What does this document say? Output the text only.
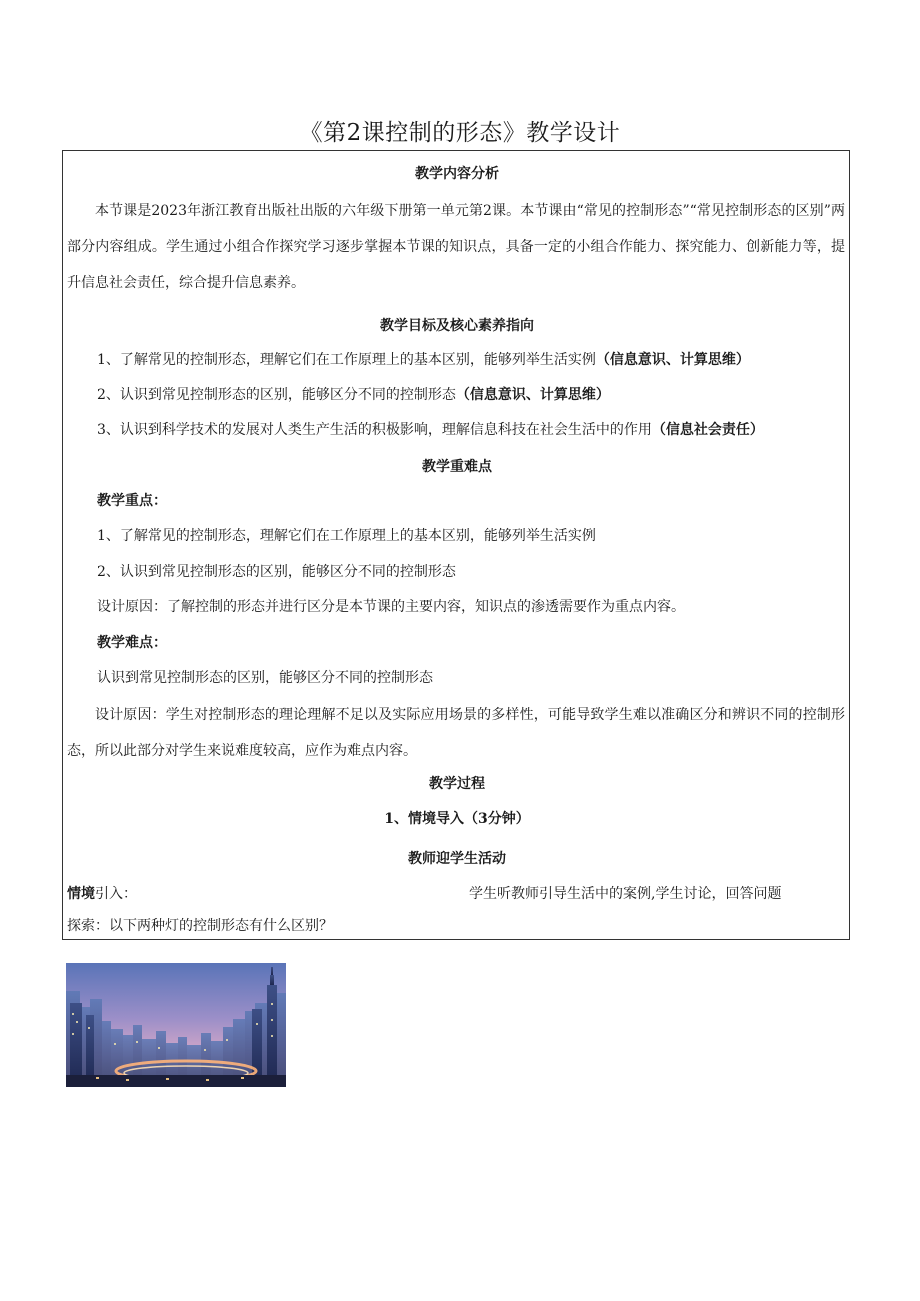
《第2课控制的形态》教学设计
教学内容分析
本节课是2023年浙江教育出版社出版的六年级下册第一单元第2课。本节课由“常见的控制形态”“常见控制形态的区别”两部分内容组成。学生通过小组合作探究学习逐步掌握本节课的知识点，具备一定的小组合作能力、探究能力、创新能力等，提升信息社会责任，综合提升信息素养。
教学目标及核心素养指向
1、了解常见的控制形态，理解它们在工作原理上的基本区别，能够列举生活实例（信息意识、计算思维）
2、认识到常见控制形态的区别，能够区分不同的控制形态（信息意识、计算思维）
3、认识到科学技术的发展对人类生产生活的积极影响，理解信息科技在社会生活中的作用（信息社会责任）
教学重难点
教学重点：
1、了解常见的控制形态，理解它们在工作原理上的基本区别，能够列举生活实例
2、认识到常见控制形态的区别，能够区分不同的控制形态
设计原因：了解控制的形态并进行区分是本节课的主要内容，知识点的渗透需要作为重点内容。
教学难点：
认识到常见控制形态的区别，能够区分不同的控制形态
设计原因：学生对控制形态的理论理解不足以及实际应用场景的多样性，可能导致学生难以准确区分和辨识不同的控制形态，所以此部分对学生来说难度较高，应作为难点内容。
教学过程
1、情境导入（3分钟）
教师迎学生活动
情境引入：	学生听教师引导生活中的案例,学生讨论，回答问题
探索：以下两种灯的控制形态有什么区别？
